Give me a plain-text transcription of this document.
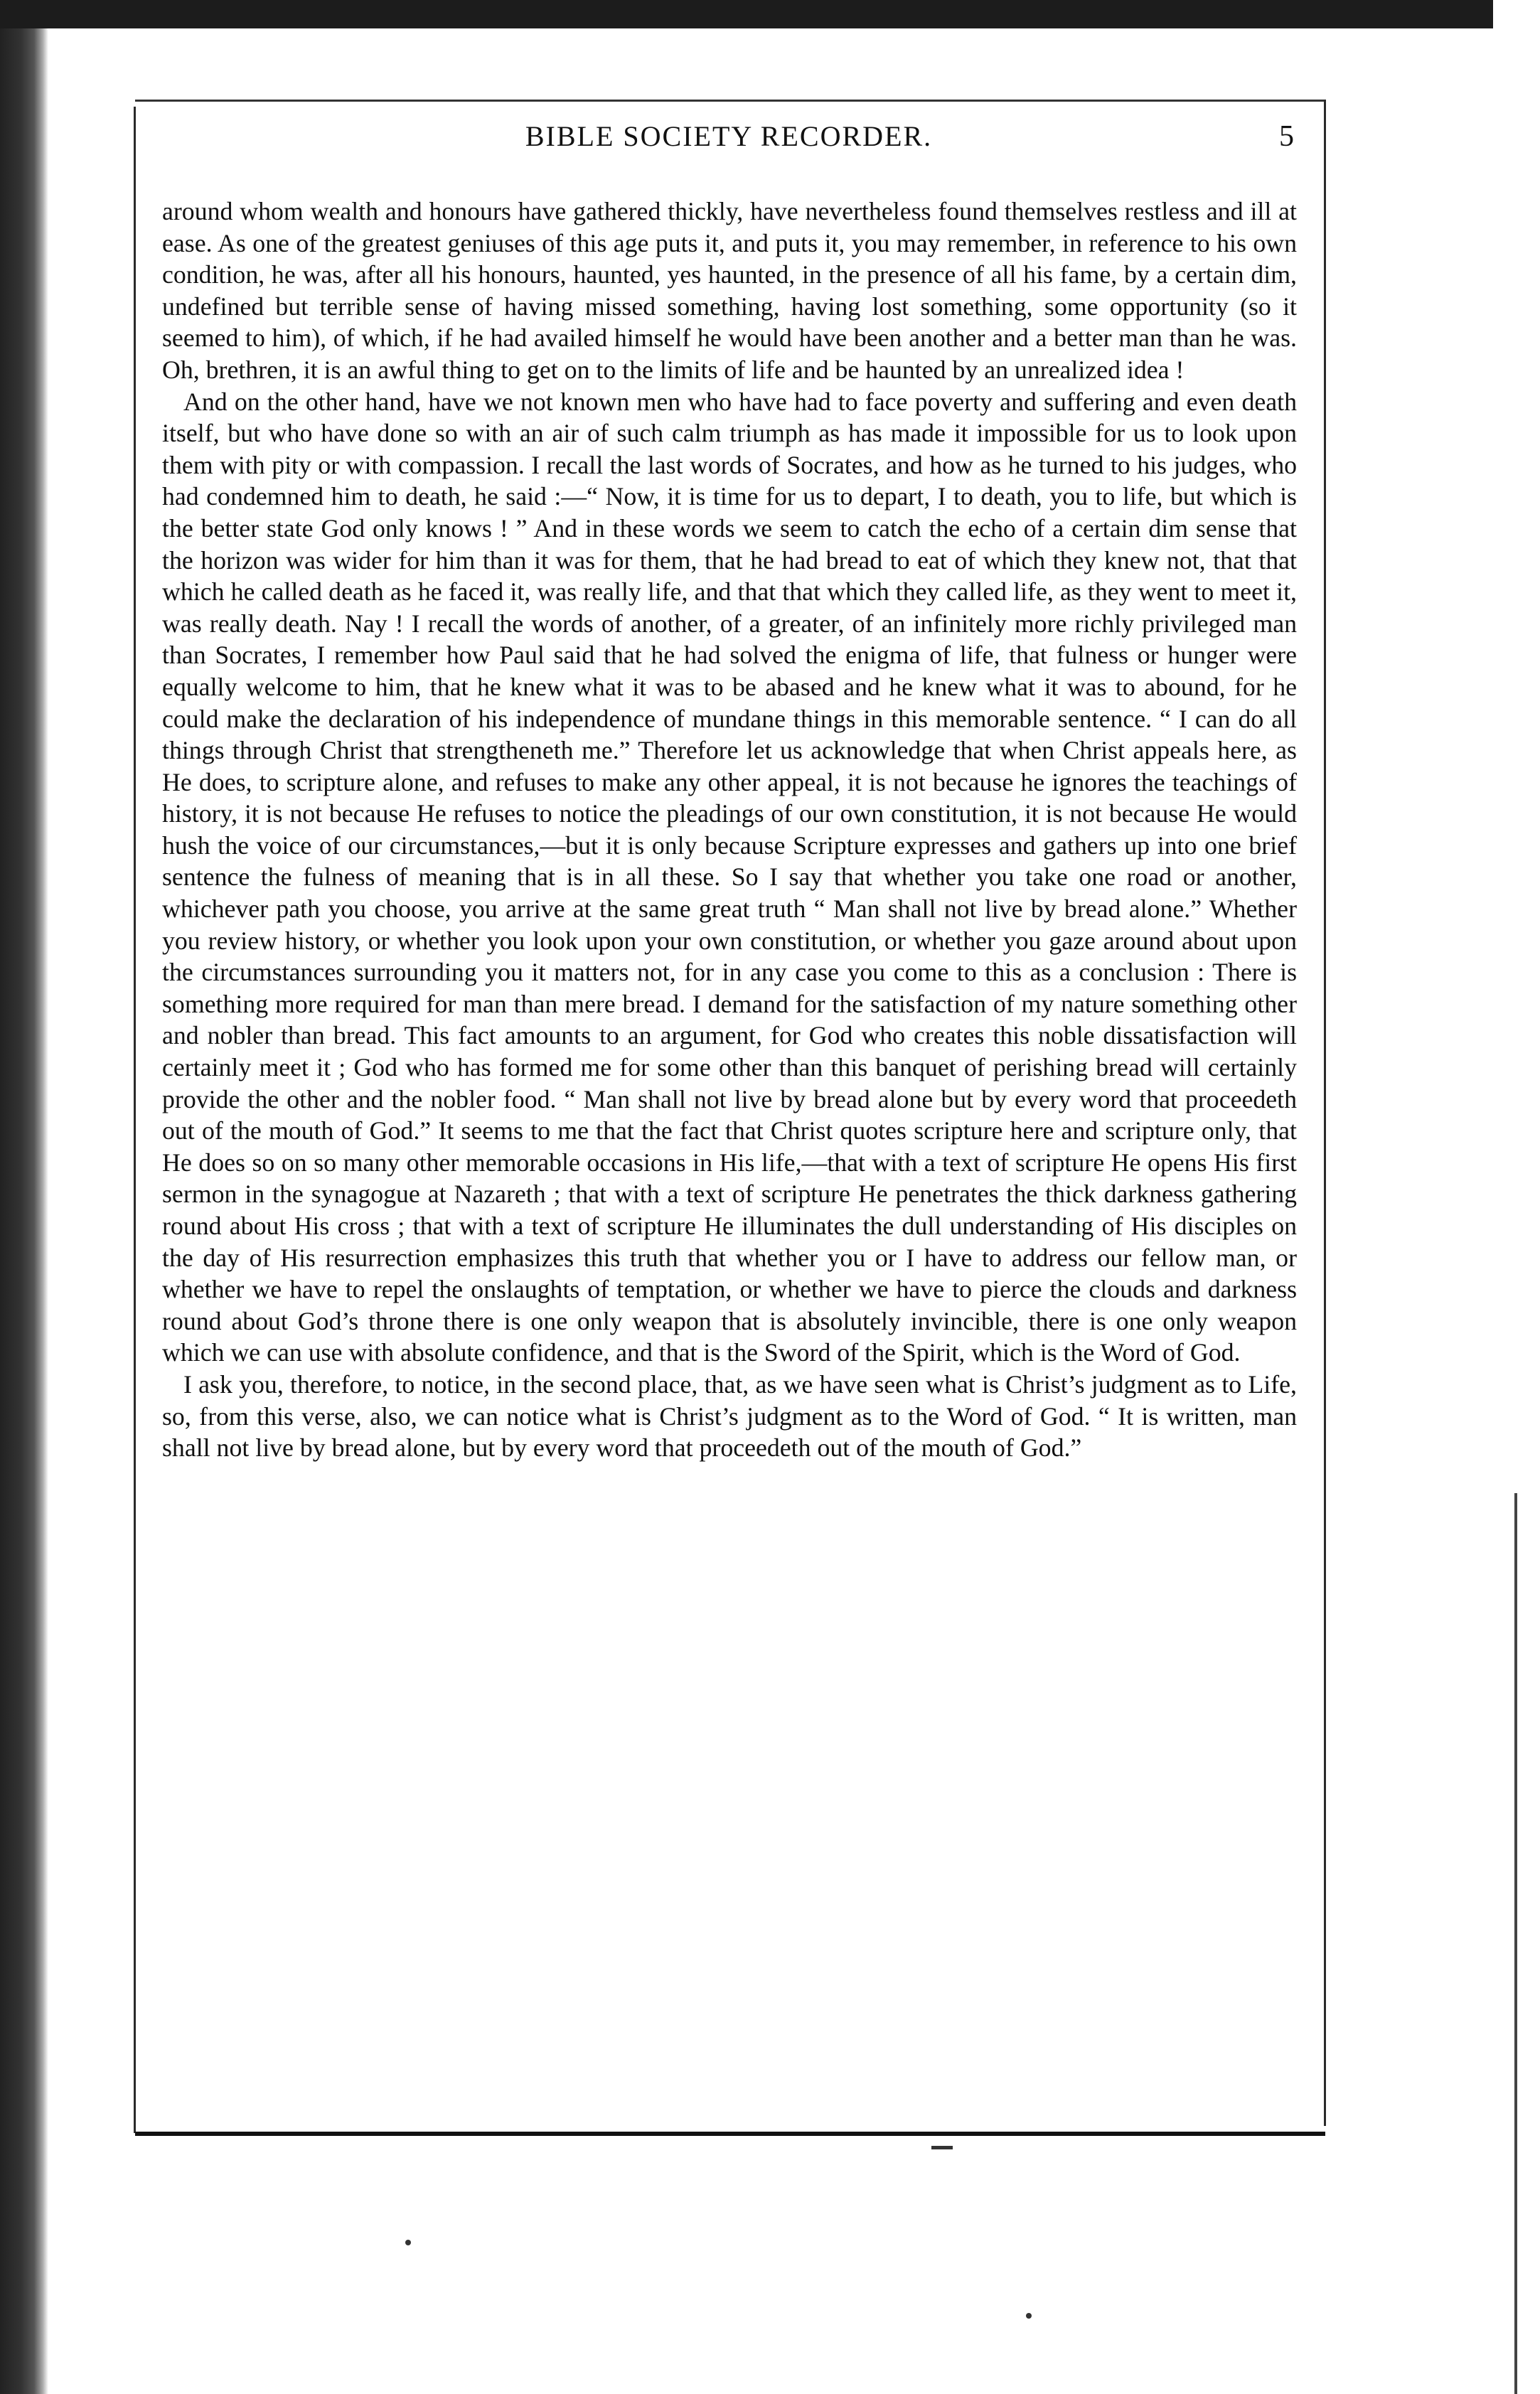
BIBLE SOCIETY RECORDER.	5

around whom wealth and honours have gathered thickly, have nevertheless found themselves restless and ill at ease. As one of the greatest geniuses of this age puts it, and puts it, you may remember, in reference to his own condition, he was, after all his honours, haunted, yes haunted, in the presence of all his fame, by a certain dim, undefined but terrible sense of having missed something, having lost something, some opportunity (so it seemed to him), of which, if he had availed himself he would have been another and a better man than he was. Oh, brethren, it is an awful thing to get on to the limits of life and be haunted by an unrealized idea !

And on the other hand, have we not known men who have had to face poverty and suffering and even death itself, but who have done so with an air of such calm triumph as has made it impossible for us to look upon them with pity or with compassion. I recall the last words of Socrates, and how as he turned to his judges, who had condemned him to death, he said :—“ Now, it is time for us to depart, I to death, you to life, but which is the better state God only knows ! ” And in these words we seem to catch the echo of a certain dim sense that the horizon was wider for him than it was for them, that he had bread to eat of which they knew not, that that which he called death as he faced it, was really life, and that that which they called life, as they went to meet it, was really death. Nay ! I recall the words of another, of a greater, of an infinitely more richly privileged man than Socrates, I remember how Paul said that he had solved the enigma of life, that fulness or hunger were equally welcome to him, that he knew what it was to be abased and he knew what it was to abound, for he could make the declaration of his independence of mundane things in this memorable sentence. “ I can do all things through Christ that strengtheneth me.” Therefore let us acknowledge that when Christ appeals here, as He does, to scripture alone, and refuses to make any other appeal, it is not because he ignores the teachings of history, it is not because He refuses to notice the pleadings of our own constitution, it is not because He would hush the voice of our circumstances,—but it is only because Scripture expresses and gathers up into one brief sentence the fulness of meaning that is in all these. So I say that whether you take one road or another, whichever path you choose, you arrive at the same great truth “ Man shall not live by bread alone.” Whether you review history, or whether you look upon your own constitution, or whether you gaze around about upon the circumstances surrounding you it matters not, for in any case you come to this as a conclusion : There is something more required for man than mere bread. I demand for the satisfaction of my nature something other and nobler than bread. This fact amounts to an argument, for God who creates this noble dissatisfaction will certainly meet it ; God who has formed me for some other than this banquet of perishing bread will certainly provide the other and the nobler food. “ Man shall not live by bread alone but by every word that proceedeth out of the mouth of God.” It seems to me that the fact that Christ quotes scripture here and scripture only, that He does so on so many other memorable occasions in His life,—that with a text of scripture He opens His first sermon in the synagogue at Nazareth ; that with a text of scripture He penetrates the thick darkness gathering round about His cross ; that with a text of scripture He illuminates the dull understanding of His disciples on the day of His resurrection emphasizes this truth that whether you or I have to address our fellow man, or whether we have to repel the onslaughts of temptation, or whether we have to pierce the clouds and darkness round about God’s throne there is one only weapon that is absolutely invincible, there is one only weapon which we can use with absolute confidence, and that is the Sword of the Spirit, which is the Word of God.

I ask you, therefore, to notice, in the second place, that, as we have seen what is Christ’s judgment as to Life, so, from this verse, also, we can notice what is Christ’s judgment as to the Word of God. “ It is written, man shall not live by bread alone, but by every word that proceedeth out of the mouth of God.”
